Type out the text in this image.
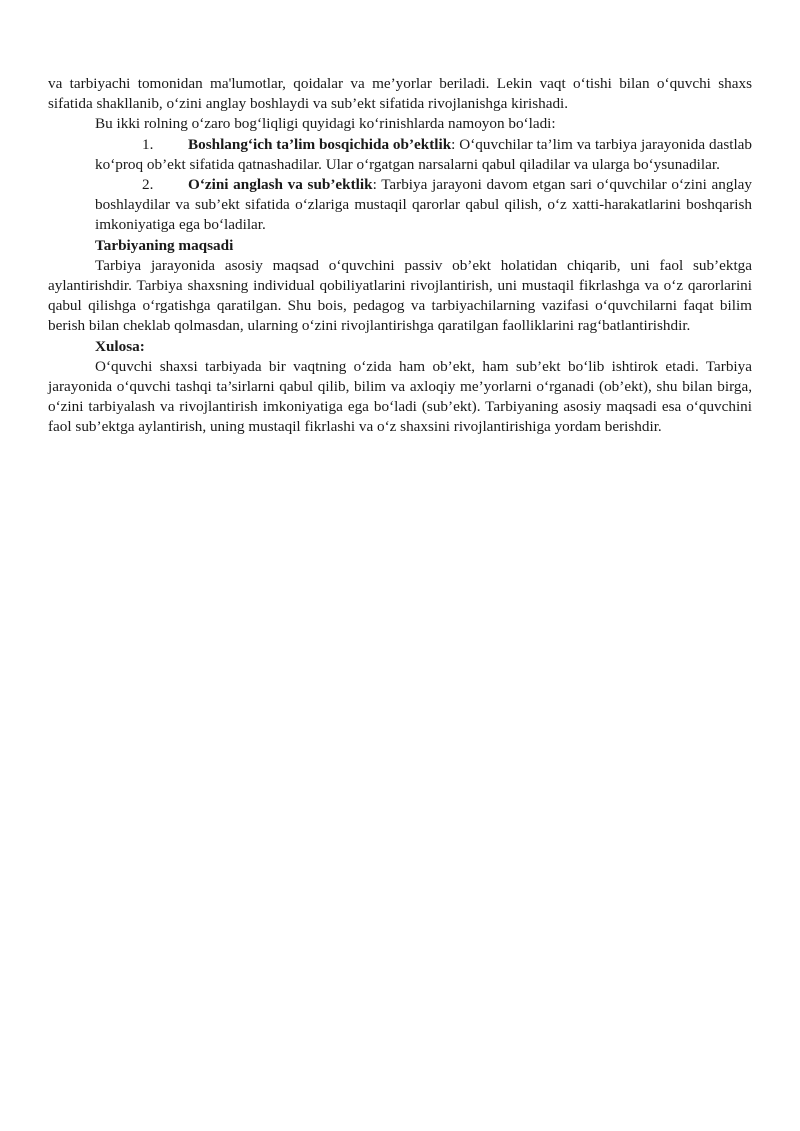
va tarbiyachi tomonidan ma'lumotlar, qoidalar va me’yorlar beriladi. Lekin vaqt o‘tishi bilan o‘quvchi shaxs sifatida shakllanib, o‘zini anglay boshlaydi va sub’ekt sifatida rivojlanishga kirishadi.

Bu ikki rolning o‘zaro bog‘liqligi quyidagi ko‘rinishlarda namoyon bo‘ladi:

1. Boshlang‘ich ta’lim bosqichida ob’ektlik: O‘quvchilar ta’lim va tarbiya jarayonida dastlab ko‘proq ob’ekt sifatida qatnashadilar. Ular o‘rgatgan narsalarni qabul qiladilar va ularga bo‘ysunadilar.

2. O‘zini anglash va sub’ektlik: Tarbiya jarayoni davom etgan sari o‘quvchilar o‘zini anglay boshlaydilar va sub’ekt sifatida o‘zlariga mustaqil qarorlar qabul qilish, o‘z xatti-harakatlarini boshqarish imkoniyatiga ega bo‘ladilar.

Tarbiyaning maqsadi

Tarbiya jarayonida asosiy maqsad o‘quvchini passiv ob’ekt holatidan chiqarib, uni faol sub’ektga aylantirishdir. Tarbiya shaxsning individual qobiliyatlarini rivojlantirish, uni mustaqil fikrlashga va o‘z qarorlarini qabul qilishga o‘rgatishga qaratilgan. Shu bois, pedagog va tarbiyachilarning vazifasi o‘quvchilarni faqat bilim berish bilan cheklab qolmasdan, ularning o‘zini rivojlantirishga qaratilgan faolliklarini rag‘batlantirishdir.

Xulosa:

O‘quvchi shaxsi tarbiyada bir vaqtning o‘zida ham ob’ekt, ham sub’ekt bo‘lib ishtirok etadi. Tarbiya jarayonida o‘quvchi tashqi ta’sirlarni qabul qilib, bilim va axloqiy me’yorlarni o‘rganadi (ob’ekt), shu bilan birga, o‘zini tarbiyalash va rivojlantirish imkoniyatiga ega bo‘ladi (sub’ekt). Tarbiyaning asosiy maqsadi esa o‘quvchini faol sub’ektga aylantirish, uning mustaqil fikrlashi va o‘z shaxsini rivojlantirishiga yordam berishdir.
